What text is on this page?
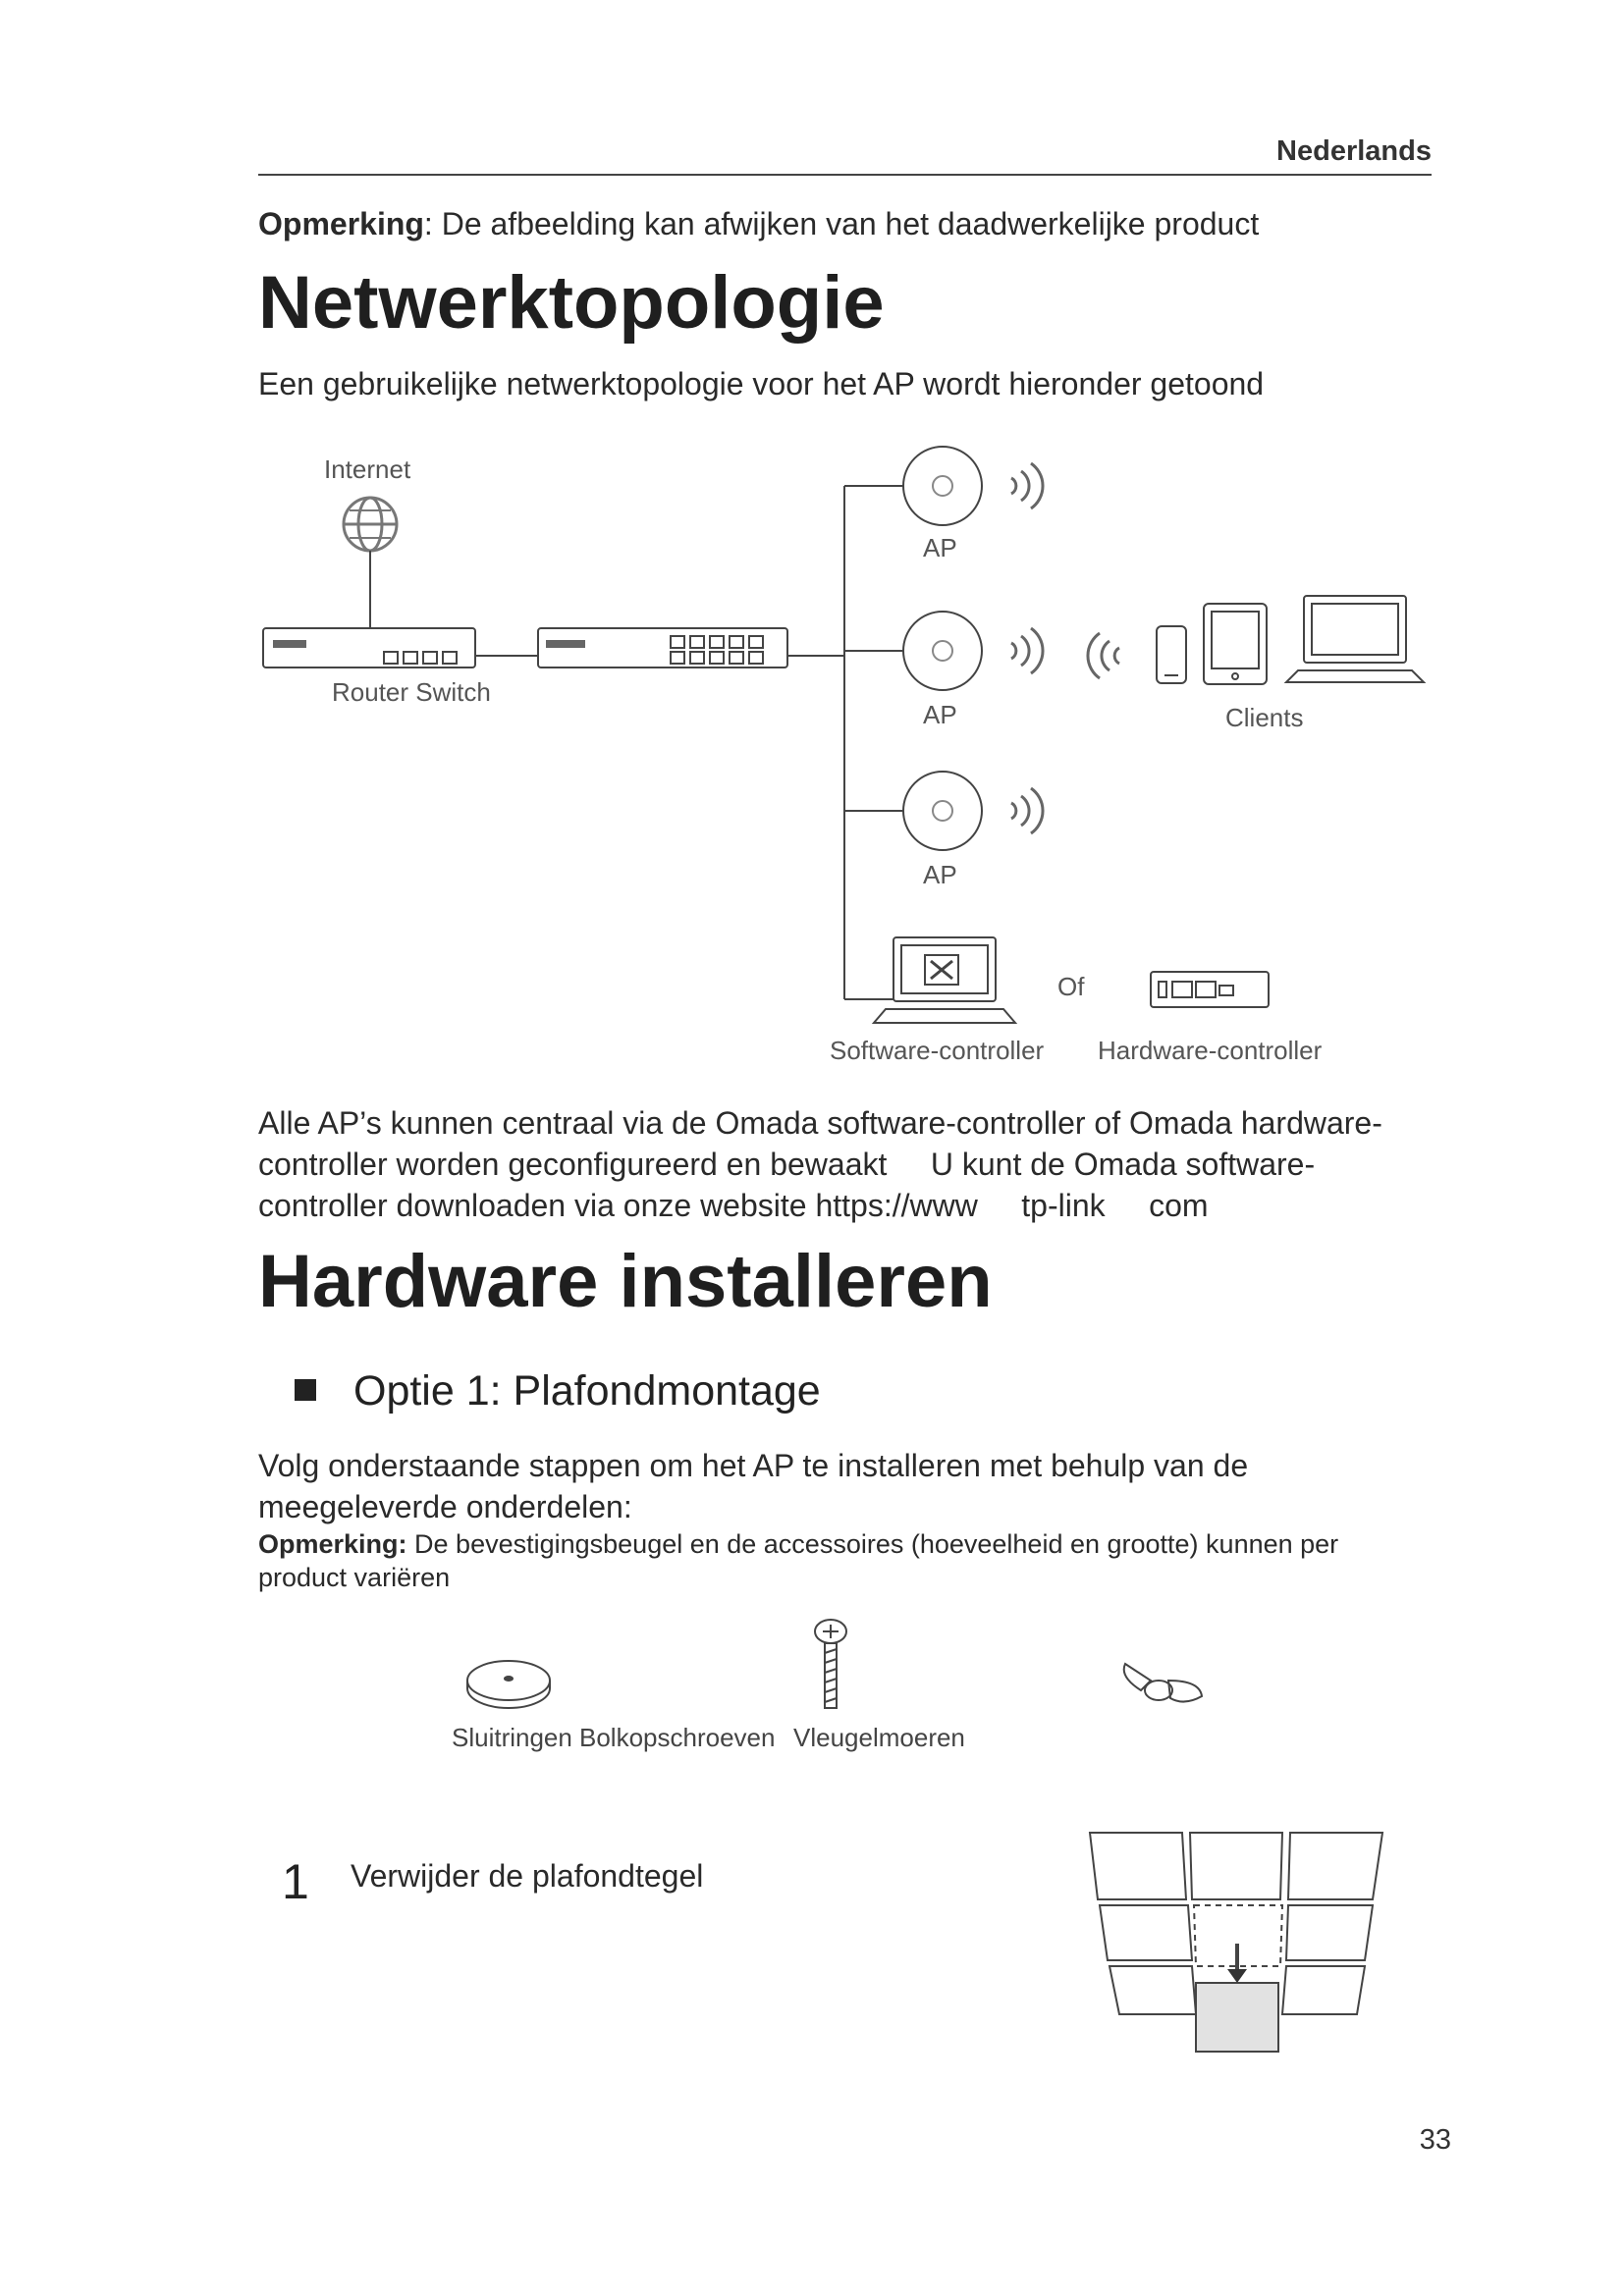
Nederlands
Opmerking: De afbeelding kan afwijken van het daadwerkelijke product
Netwerktopologie
Een gebruikelijke netwerktopologie voor het AP wordt hieronder getoond
Internet
Router Switch
AP
AP
AP
Clients
Of
Software-controller Hardware-controller
Alle AP’s kunnen centraal via de Omada software-controller of Omada hardware-
controller worden geconfigureerd en bewaakt     U kunt de Omada software-
controller downloaden via onze website https://www     tp-link     com
Hardware installeren
Optie 1: Plafondmontage
Volg onderstaande stappen om het AP te installeren met behulp van de
meegeleverde onderdelen:
Opmerking: De bevestigingsbeugel en de accessoires (hoeveelheid en grootte) kunnen per
product variëren
Sluitringen Bolkopschroeven Vleugelmoeren
1 Verwijder de plafondtegel
33
